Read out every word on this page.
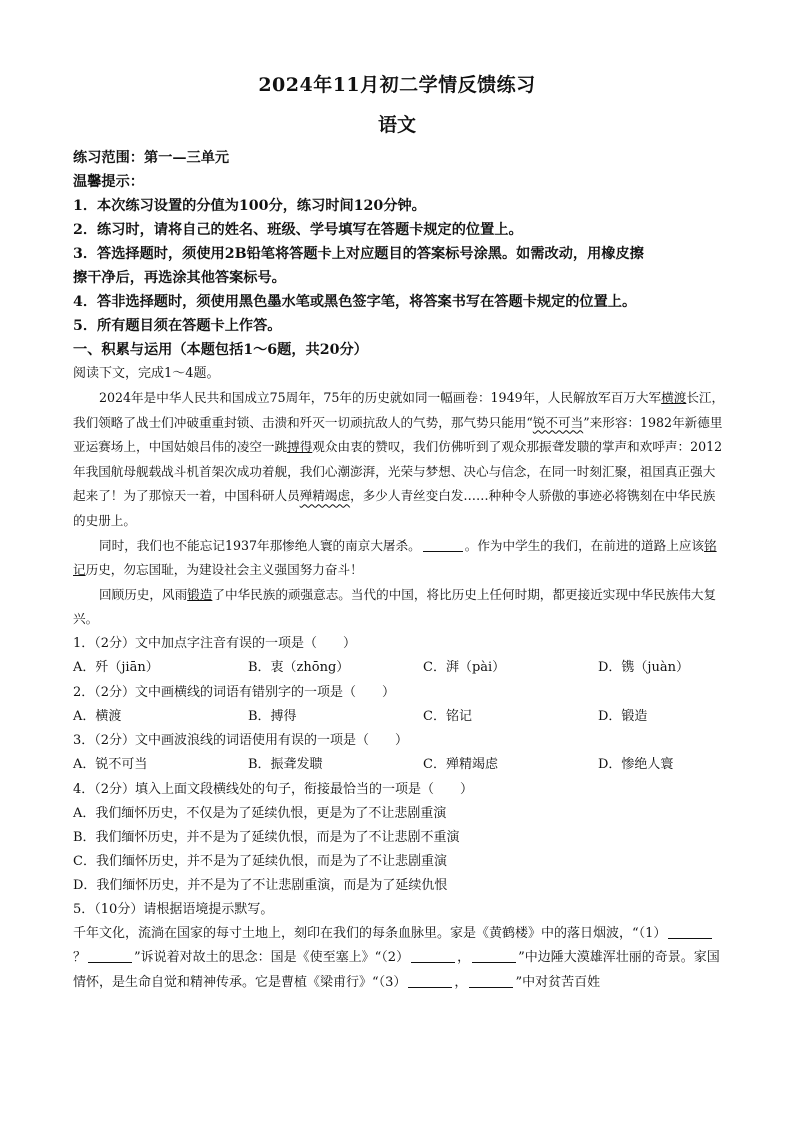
2024年11月初二学情反馈练习
语文
练习范围：第一—三单元
温馨提示：
1．本次练习设置的分值为100分，练习时间120分钟。
2．练习时，请将自己的姓名、班级、学号填写在答题卡规定的位置上。
3．答选择题时，须使用2B铅笔将答题卡上对应题目的答案标号涂黑。如需改动，用橡皮擦
擦干净后，再选涂其他答案标号。
4．答非选择题时，须使用黑色墨水笔或黑色签字笔，将答案书写在答题卡规定的位置上。
5．所有题目须在答题卡上作答。
一、积累与运用（本题包括1～6题，共20分）
阅读下文，完成1～4题。
2024年是中华人民共和国成立75周年，75年的历史就如同一幅画卷：1949年，人民解放军百万大军横渡长江，我们领略了战士们冲破重重封锁、击溃和歼灭一切顽抗敌人的气势，那气势只能用“锐不可当”来形容：1982年新德里亚运赛场上，中国姑娘吕伟的凌空一跳搏得观众由衷的赞叹，我们仿佛听到了观众那振聋发聩的掌声和欢呼声：2012年我国航母舰载战斗机首架次成功着舰，我们心潮澎湃，光荣与梦想、决心与信念，在同一时刻汇聚，祖国真正强大起来了！为了那惊天一着，中国科研人员殚精竭虑，多少人青丝变白发……种种令人骄傲的事迹必将镌刻在中华民族的史册上。
同时，我们也不能忘记1937年那惨绝人寰的南京大屠杀。	。作为中学生的我们，在前进的道路上应该铭记历史，勿忘国耻，为建设社会主义强国努力奋斗！
回顾历史，风雨锻造了中华民族的顽强意志。当代的中国，将比历史上任何时期，都更接近实现中华民族伟大复兴。
1．（2分）文中加点字注音有误的一项是（　　）
A．歼（jiān）	B．衷（zhōng）	C．湃（pài）	D．镌（juàn）
2．（2分）文中画横线的词语有错别字的一项是（　　）
A．横渡	B．搏得	C．铭记	D．锻造
3．（2分）文中画波浪线的词语使用有误的一项是（　　）
A．锐不可当	B．振聋发聩	C．殚精竭虑	D．惨绝人寰
4．（2分）填入上面文段横线处的句子，衔接最恰当的一项是（　　）
A．我们缅怀历史，不仅是为了延续仇恨，更是为了不让悲剧重演
B．我们缅怀历史，并不是为了延续仇恨，而是为了不让悲剧不重演
C．我们缅怀历史，并不是为了延续仇恨，而是为了不让悲剧重演
D．我们缅怀历史，并不是为了不让悲剧重演，而是为了延续仇恨
5．（10分）请根据语境提示默写。
千年文化，流淌在国家的每寸土地上，刻印在我们的每条血脉里。家是《黄鹤楼》中的落日烟波，“（1）？	”诉说着对故土的思念：国是《使至塞上》“（2）	，	”中边陲大漠雄浑壮丽的奇景。家国情怀，是生命自觉和精神传承。它是曹植《梁甫行》“（3）	，	”中对贫苦百姓
